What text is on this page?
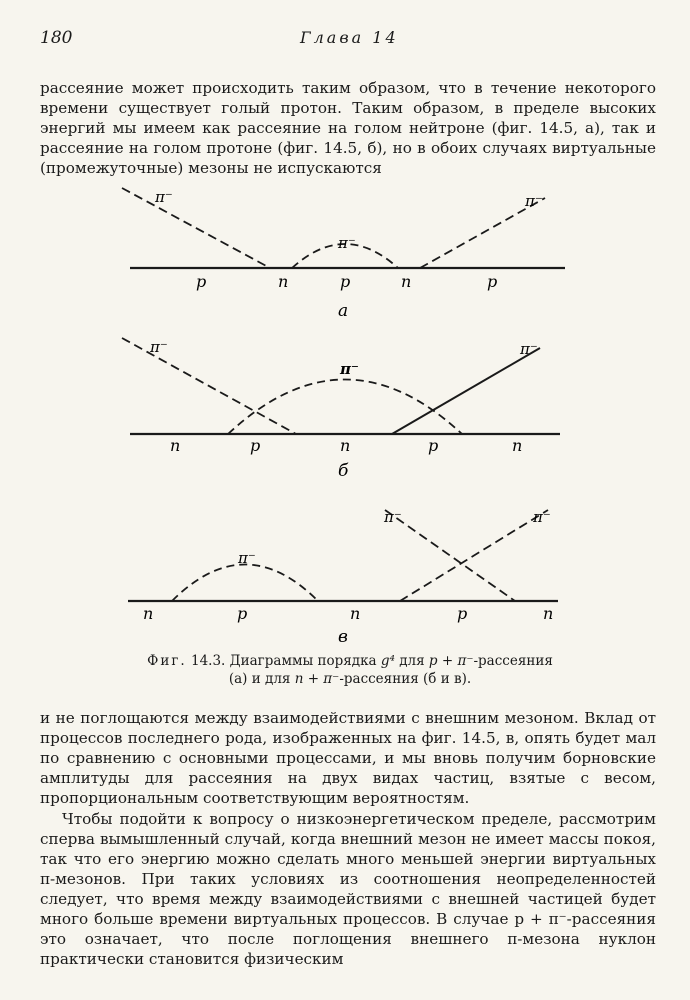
180	Глава 14

рассеяние может происходить таким образом, что в течение некоторого времени существует голый протон. Таким образом, в пределе высоких энергий мы имеем как рассеяние на голом нейтроне (фиг. 14.5, а), так и рассеяние на голом протоне (фиг. 14.5, б), но в обоих случаях виртуальные (промежуточные) мезоны не испускаются

π⁻
π⁻
π⁻
p	n	p	n	p
а
π⁻
π⁻
π⁻
n	p	n	p	n
б
π⁻
π⁻	π⁻
n	p	n	p	n
в
Фиг. 14.3. Диаграммы порядка g⁴ для p + π⁻-рассеяния
(а) и для n + π⁻-рассеяния (б и в).

и не поглощаются между взаимодействиями с внешним мезоном. Вклад от процессов последнего рода, изображенных на фиг. 14.5, в, опять будет мал по сравнению с основными процессами, и мы вновь получим борновские амплитуды для рассеяния на двух видах частиц, взятые с весом, пропорциональным соответствующим вероятностям.

Чтобы подойти к вопросу о низкоэнергетическом пределе, рассмотрим сперва вымышленный случай, когда внешний мезон не имеет массы покоя, так что его энергию можно сделать много меньшей энергии виртуальных π-мезонов. При таких условиях из соотношения неопределенностей следует, что время между взаимодействиями с внешней частицей будет много больше времени виртуальных процессов. В случае p + π⁻-рассеяния это означает, что после поглощения внешнего π-мезона нуклон практически становится физическим
